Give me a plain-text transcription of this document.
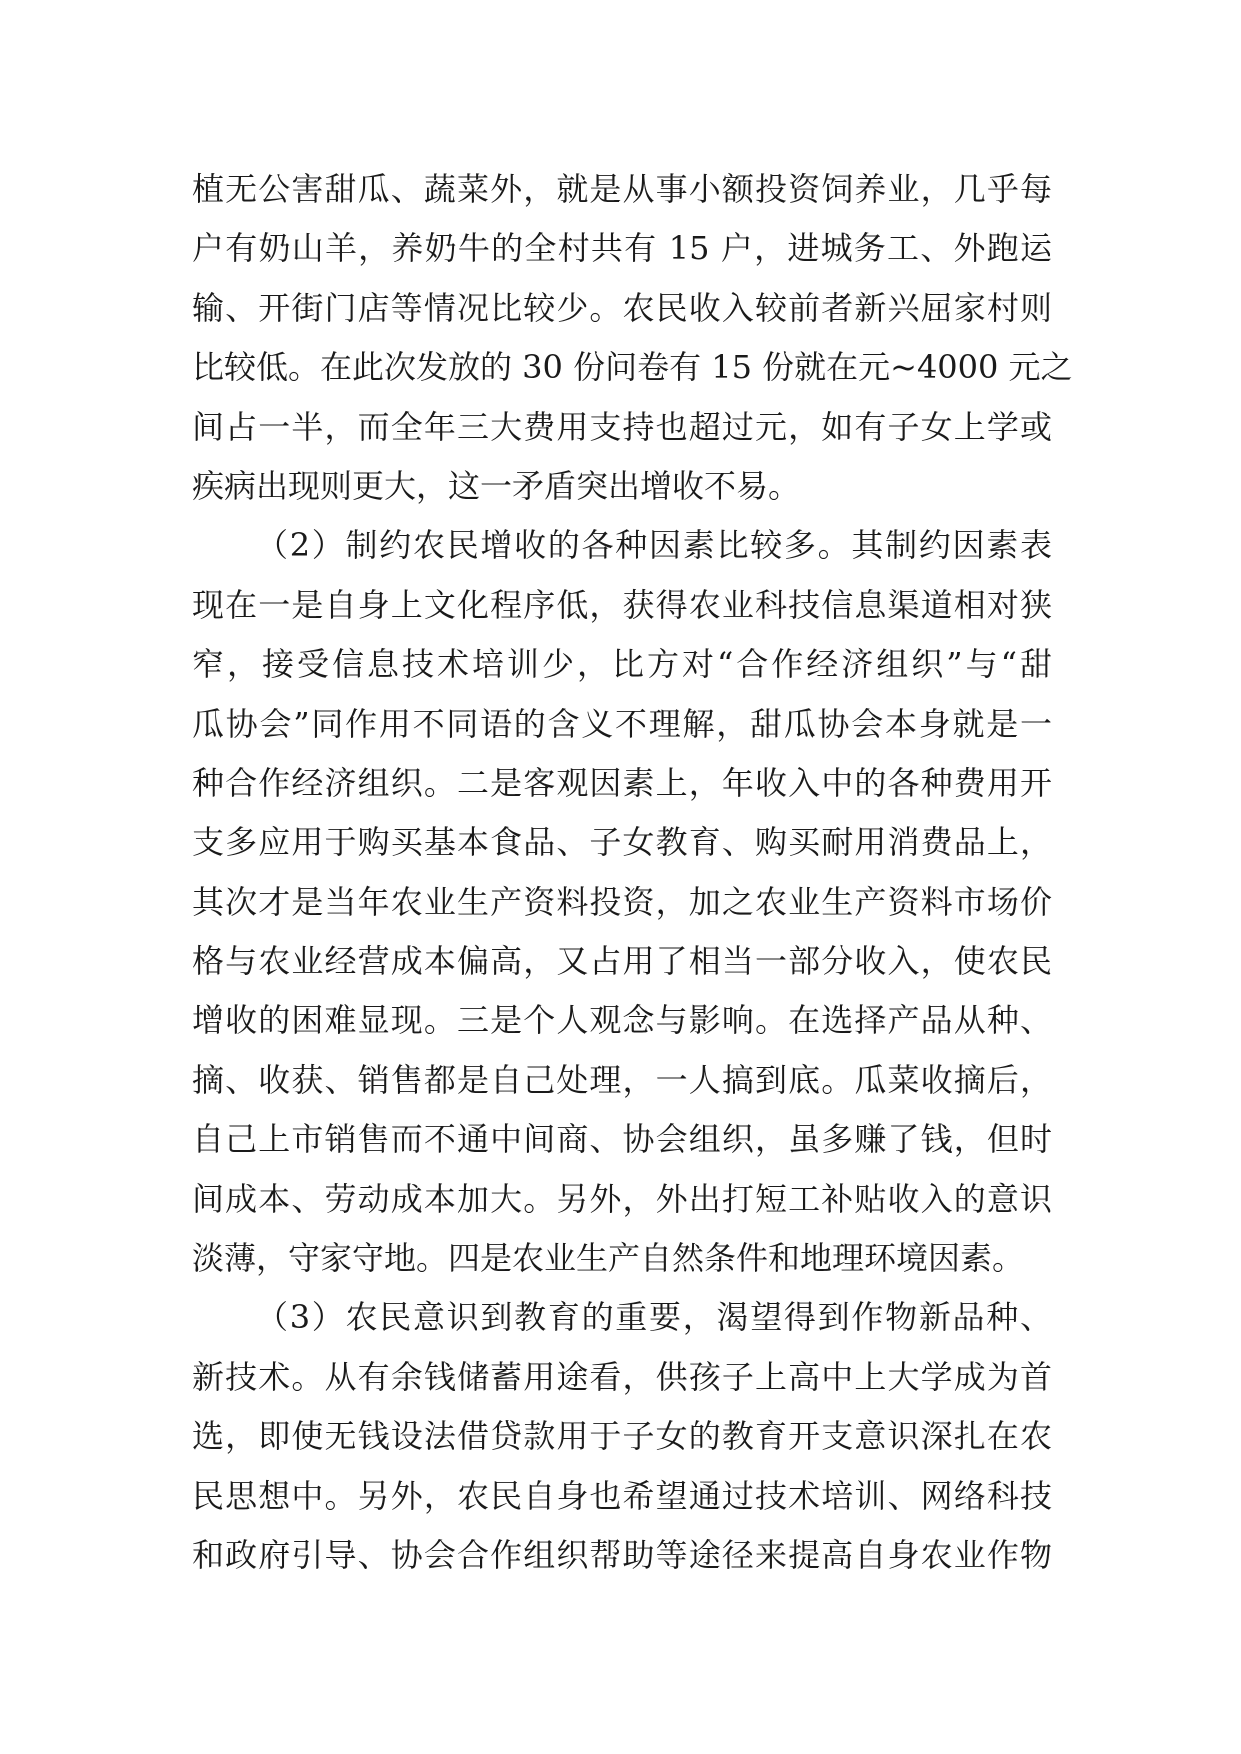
植无公害甜瓜、蔬菜外，就是从事小额投资饲养业，几乎每
户有奶山羊，养奶牛的全村共有 15 户，进城务工、外跑运
输、开街门店等情况比较少。农民收入较前者新兴屈家村则
比较低。在此次发放的 30 份问卷有 15 份就在元~4000 元之
间占一半，而全年三大费用支持也超过元，如有子女上学或
疾病出现则更大，这一矛盾突出增收不易。
（2）制约农民增收的各种因素比较多。其制约因素表
现在一是自身上文化程序低，获得农业科技信息渠道相对狭
窄，接受信息技术培训少，比方对“合作经济组织”与“甜
瓜协会”同作用不同语的含义不理解，甜瓜协会本身就是一
种合作经济组织。二是客观因素上，年收入中的各种费用开
支多应用于购买基本食品、子女教育、购买耐用消费品上，
其次才是当年农业生产资料投资，加之农业生产资料市场价
格与农业经营成本偏高，又占用了相当一部分收入，使农民
增收的困难显现。三是个人观念与影响。在选择产品从种、
摘、收获、销售都是自己处理，一人搞到底。瓜菜收摘后，
自己上市销售而不通中间商、协会组织，虽多赚了钱，但时
间成本、劳动成本加大。另外，外出打短工补贴收入的意识
淡薄，守家守地。四是农业生产自然条件和地理环境因素。
（3）农民意识到教育的重要，渴望得到作物新品种、
新技术。从有余钱储蓄用途看，供孩子上高中上大学成为首
选，即使无钱设法借贷款用于子女的教育开支意识深扎在农
民思想中。另外，农民自身也希望通过技术培训、网络科技
和政府引导、协会合作组织帮助等途径来提高自身农业作物
